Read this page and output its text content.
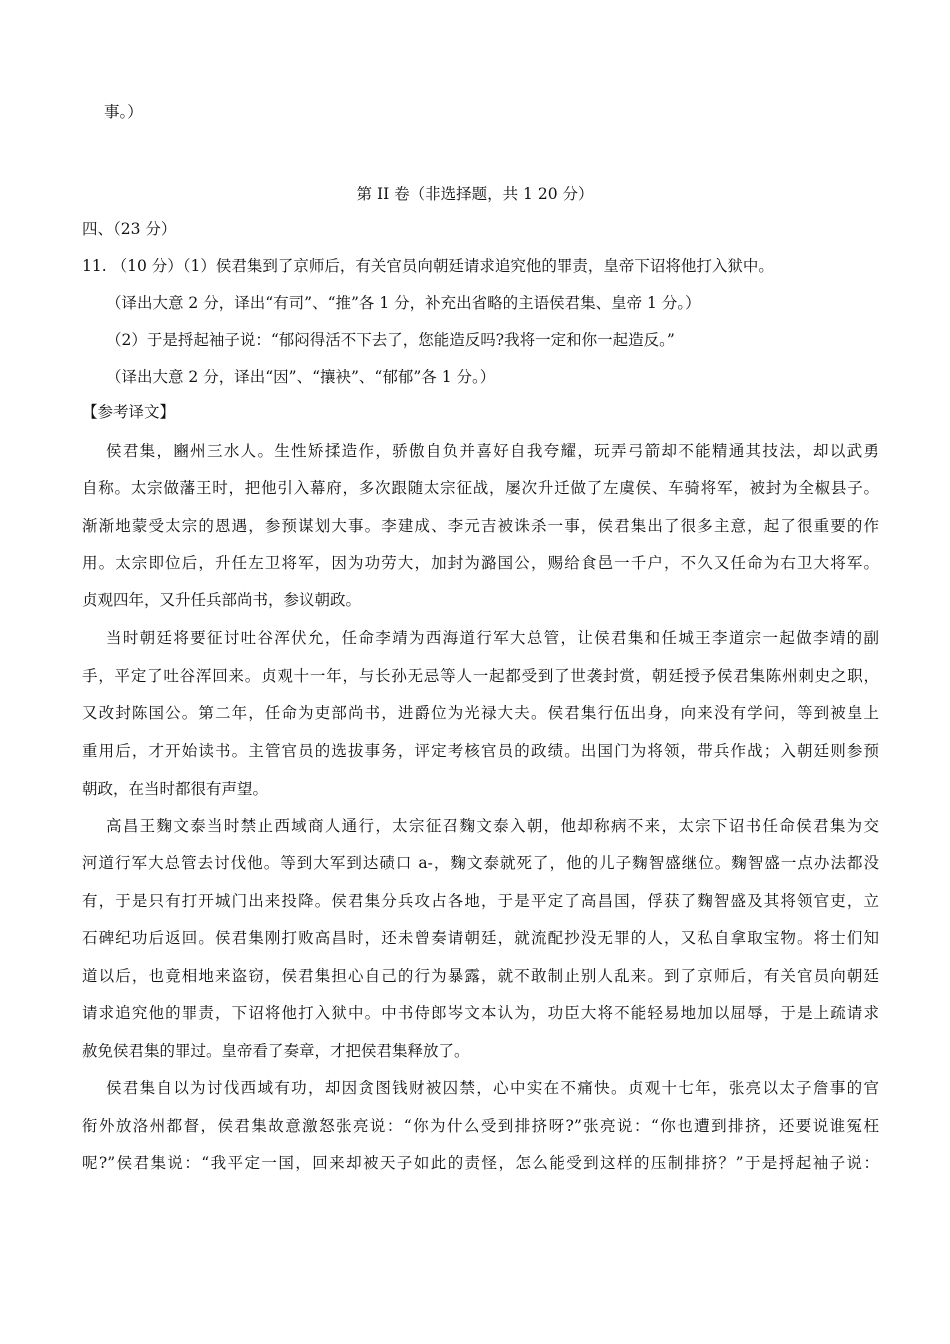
事。）
第 II 卷（非选择题，共 1 20 分）
四、（23 分）
11. （10 分）（1）侯君集到了京师后，有关官员向朝廷请求追究他的罪责，皇帝下诏将他打入狱中。
（译出大意 2 分，译出“有司”、“推”各 1 分，补充出省略的主语侯君集、皇帝 1 分。）
（2）于是捋起袖子说：“郁闷得活不下去了，您能造反吗?我将一定和你一起造反。”
（译出大意 2 分，译出“因”、“攘袂”、“郁郁”各 1 分。）
【参考译文】
侯君集，豳州三水人。生性矫揉造作，骄傲自负并喜好自我夸耀，玩弄弓箭却不能精通其技法，却以武勇
自称。太宗做藩王时，把他引入幕府，多次跟随太宗征战，屡次升迁做了左虞侯、车骑将军，被封为全椒县子。
渐渐地蒙受太宗的恩遇，参预谋划大事。李建成、李元吉被诛杀一事，侯君集出了很多主意，起了很重要的作
用。太宗即位后，升任左卫将军，因为功劳大，加封为潞国公，赐给食邑一千户，不久又任命为右卫大将军。
贞观四年，又升任兵部尚书，参议朝政。
当时朝廷将要征讨吐谷浑伏允，任命李靖为西海道行军大总管，让侯君集和任城王李道宗一起做李靖的副
手，平定了吐谷浑回来。贞观十一年，与长孙无忌等人一起都受到了世袭封赏，朝廷授予侯君集陈州刺史之职，
又改封陈国公。第二年，任命为吏部尚书，进爵位为光禄大夫。侯君集行伍出身，向来没有学问，等到被皇上
重用后，才开始读书。主管官员的选拔事务，评定考核官员的政绩。出国门为将领，带兵作战；入朝廷则参预
朝政，在当时都很有声望。
高昌王麴文泰当时禁止西域商人通行，太宗征召麴文泰入朝，他却称病不来，太宗下诏书任命侯君集为交
河道行军大总管去讨伐他。等到大军到达碛口 a-，麴文泰就死了，他的儿子麴智盛继位。麴智盛一点办法都没
有，于是只有打开城门出来投降。侯君集分兵攻占各地，于是平定了高昌国，俘获了麴智盛及其将领官吏，立
石碑纪功后返回。侯君集刚打败高昌时，还未曾奏请朝廷，就流配抄没无罪的人，又私自拿取宝物。将士们知
道以后，也竟相地来盗窃，侯君集担心自己的行为暴露，就不敢制止别人乱来。到了京师后，有关官员向朝廷
请求追究他的罪责，下诏将他打入狱中。中书侍郎岑文本认为，功臣大将不能轻易地加以屈辱，于是上疏请求
赦免侯君集的罪过。皇帝看了奏章，才把侯君集释放了。
侯君集自以为讨伐西域有功，却因贪图钱财被囚禁，心中实在不痛快。贞观十七年，张亮以太子詹事的官
衔外放洛州都督，侯君集故意激怒张亮说：“你为什么受到排挤呀?”张亮说：“你也遭到排挤，还要说谁冤枉
呢?”侯君集说：“我平定一国，回来却被天子如此的责怪，怎么能受到这样的压制排挤？”于是捋起袖子说：
